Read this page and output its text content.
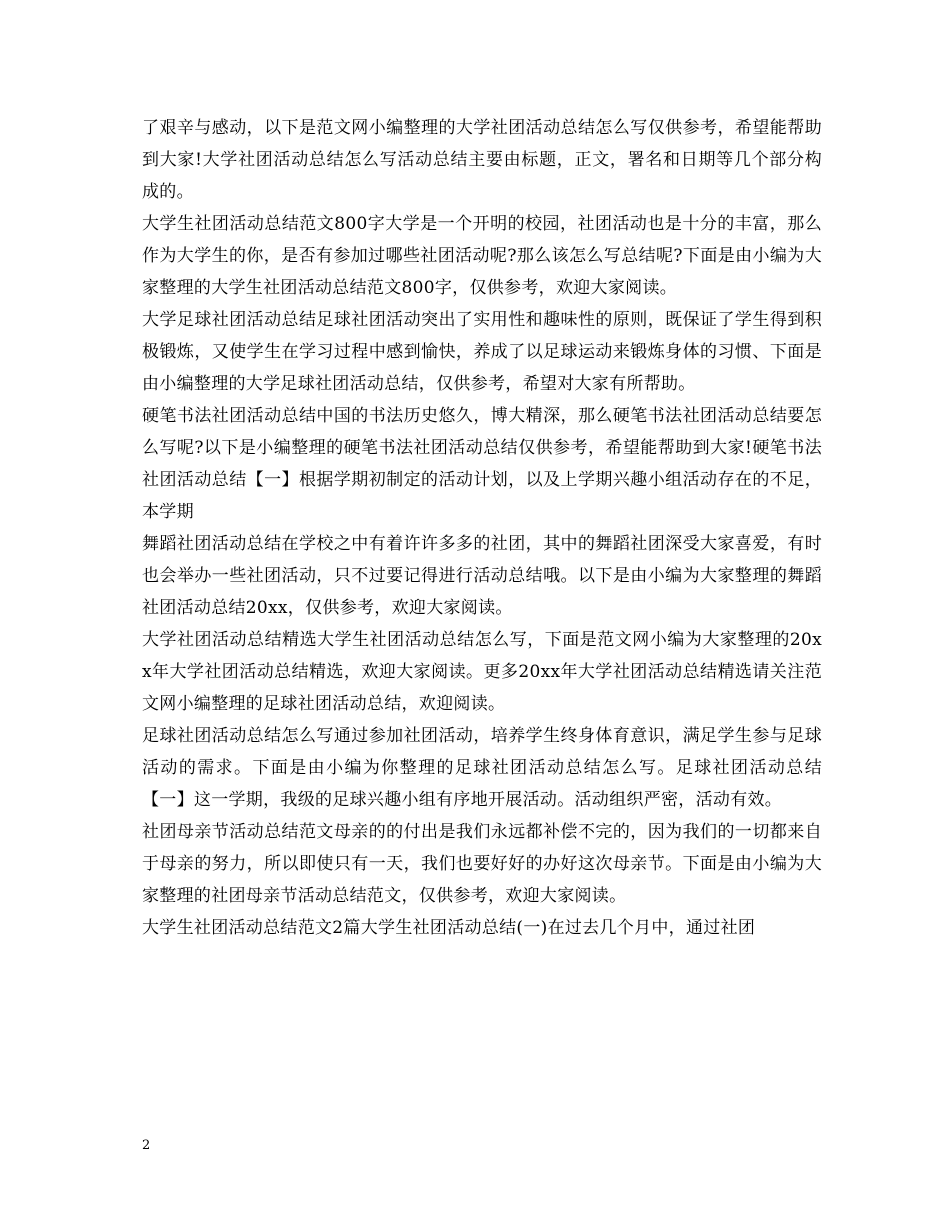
了艰辛与感动，以下是范文网小编整理的大学社团活动总结怎么写仅供参考，希望能帮助到大家!大学社团活动总结怎么写活动总结主要由标题，正文，署名和日期等几个部分构成的。

大学生社团活动总结范文800字大学是一个开明的校园，社团活动也是十分的丰富，那么作为大学生的你，是否有参加过哪些社团活动呢?那么该怎么写总结呢?下面是由小编为大家整理的大学生社团活动总结范文800字，仅供参考，欢迎大家阅读。

大学足球社团活动总结足球社团活动突出了实用性和趣味性的原则，既保证了学生得到积极锻炼，又使学生在学习过程中感到愉快，养成了以足球运动来锻炼身体的习惯、下面是由小编整理的大学足球社团活动总结，仅供参考，希望对大家有所帮助。

硬笔书法社团活动总结中国的书法历史悠久，博大精深，那么硬笔书法社团活动总结要怎么写呢?以下是小编整理的硬笔书法社团活动总结仅供参考，希望能帮助到大家!硬笔书法社团活动总结【一】根据学期初制定的活动计划，以及上学期兴趣小组活动存在的不足，本学期

舞蹈社团活动总结在学校之中有着许许多多的社团，其中的舞蹈社团深受大家喜爱，有时也会举办一些社团活动，只不过要记得进行活动总结哦。以下是由小编为大家整理的舞蹈社团活动总结20xx，仅供参考，欢迎大家阅读。

大学社团活动总结精选大学生社团活动总结怎么写，下面是范文网小编为大家整理的20xx年大学社团活动总结精选，欢迎大家阅读。更多20xx年大学社团活动总结精选请关注范文网小编整理的足球社团活动总结，欢迎阅读。

足球社团活动总结怎么写通过参加社团活动，培养学生终身体育意识，满足学生参与足球活动的需求。下面是由小编为你整理的足球社团活动总结怎么写。足球社团活动总结【一】这一学期，我级的足球兴趣小组有序地开展活动。活动组织严密，活动有效。

社团母亲节活动总结范文母亲的的付出是我们永远都补偿不完的，因为我们的一切都来自于母亲的努力，所以即使只有一天，我们也要好好的办好这次母亲节。下面是由小编为大家整理的社团母亲节活动总结范文，仅供参考，欢迎大家阅读。

大学生社团活动总结范文2篇大学生社团活动总结(一)在过去几个月中，通过社团

2
